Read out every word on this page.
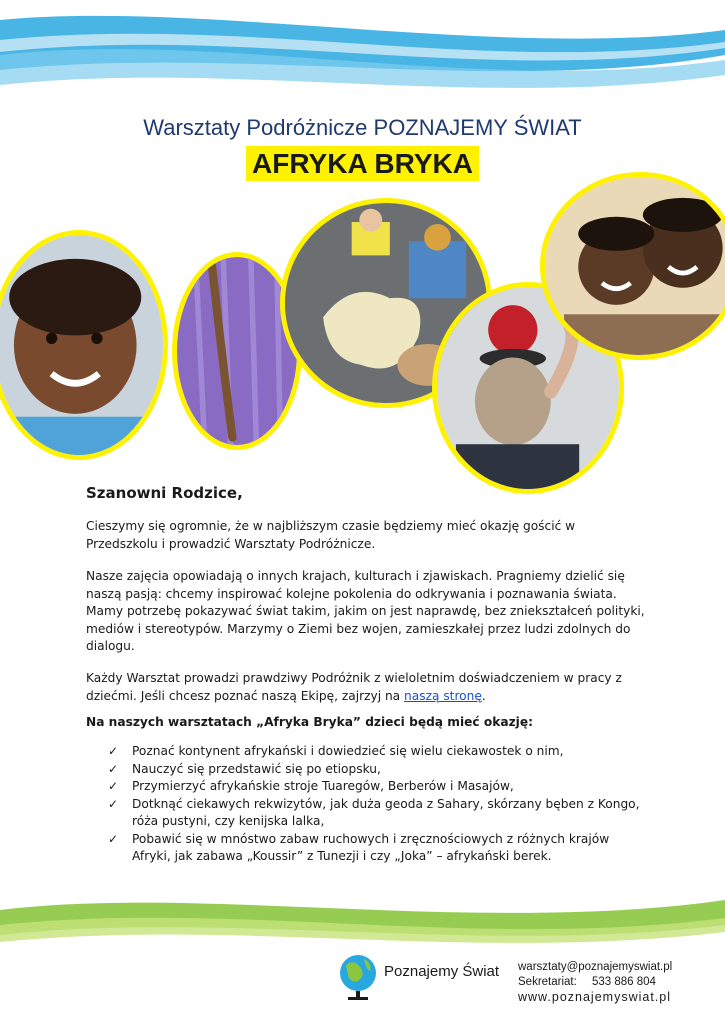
Warsztaty Podróżnicze POZNAJEMY ŚWIAT
AFRYKA BRYKA
Szanowni Rodzice,

Cieszymy się ogromnie, że w najbliższym czasie będziemy mieć okazję gościć w Przedszkolu i prowadzić Warsztaty Podróżnicze.

Nasze zajęcia opowiadają o innych krajach, kulturach i zjawiskach. Pragniemy dzielić się naszą pasją: chcemy inspirować kolejne pokolenia do odkrywania i poznawania świata. Mamy potrzebę pokazywać świat takim, jakim on jest naprawdę, bez zniekształceń polityki, mediów i stereotypów. Marzymy o Ziemi bez wojen, zamieszkałej przez ludzi zdolnych do dialogu.

Każdy Warsztat prowadzi prawdziwy Podróżnik z wieloletnim doświadczeniem w pracy z dziećmi. Jeśli chcesz poznać naszą Ekipę, zajrzyj na naszą stronę.

Na naszych warsztatach „Afryka Bryka” dzieci będą mieć okazję:
✓ Poznać kontynent afrykański i dowiedzieć się wielu ciekawostek o nim,
✓ Nauczyć się przedstawić się po etiopsku,
✓ Przymierzyć afrykańskie stroje Tuaregów, Berberów i Masajów,
✓ Dotknąć ciekawych rekwizytów, jak duża geoda z Sahary, skórzany bęben z Kongo, róża pustyni, czy kenijska lalka,
✓ Pobawić się w mnóstwo zabaw ruchowych i zręcznościowych z różnych krajów Afryki, jak zabawa „Koussir” z Tunezji i czy „Joka” – afrykański berek.
Poznajemy Świat warsztaty@poznajemyswiat.pl
Sekretariat: 533 886 804
www.poznajemyswiat.pl
